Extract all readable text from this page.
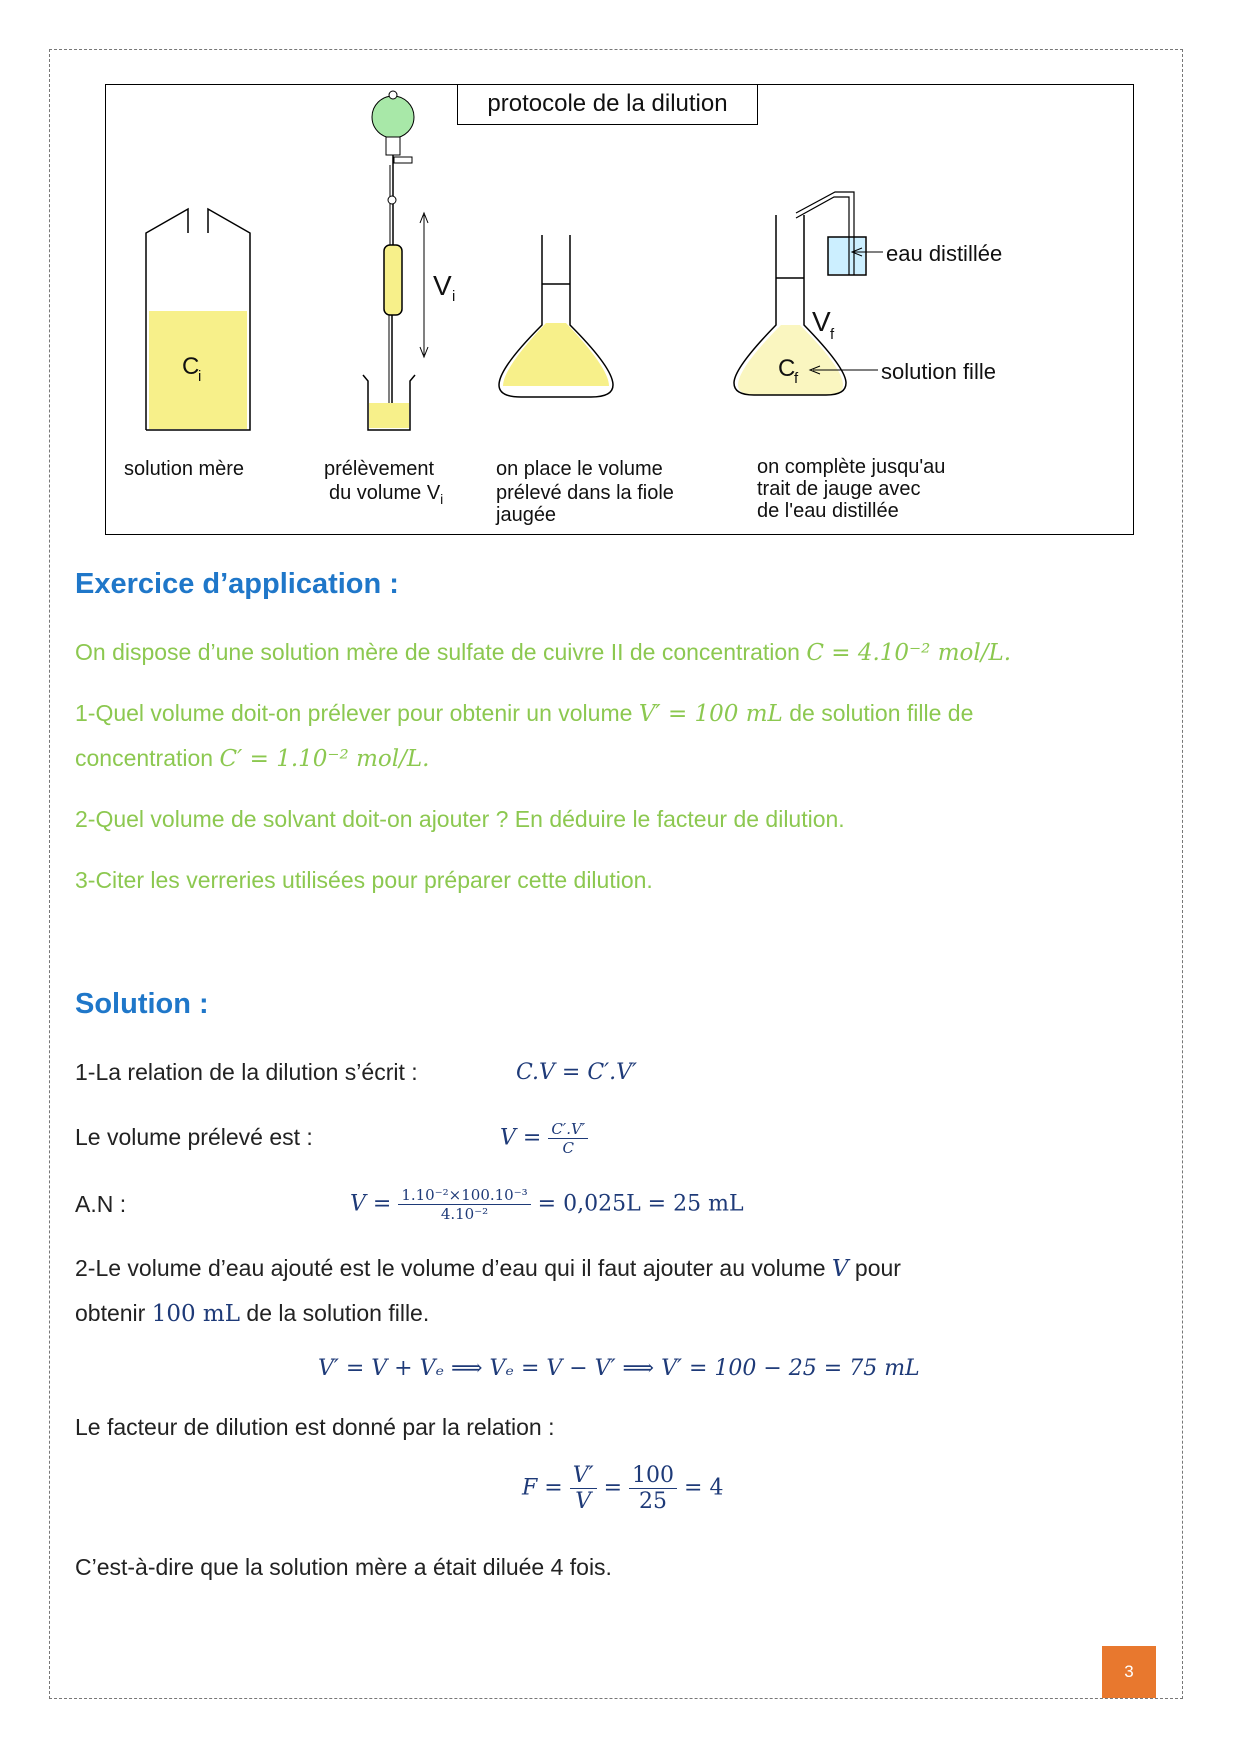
C
i
V i
V f
C
f	solution fille
eau distillée
protocole de la dilution
solution mère	prélèvement
du volume $V_i$
on place le volume
prélevé dans la fiole
jaugée
on complète jusqu'au
trait de jauge avec
de l'eau distillée
Exercice d’application :
On dispose d’une solution mère de sulfate de cuivre II de concentration C = 4.10⁻² mol/L.
1-Quel volume doit-on prélever pour obtenir un volume V′ = 100 mL de solution fille de
concentration C′ = 1.10⁻² mol/L.
2-Quel volume de solvant doit-on ajouter ? En déduire le facteur de dilution.
3-Citer les verreries utilisées pour préparer cette dilution.
Solution :
1-La relation de la dilution s’écrit :	C.V = C′.V′
Le volume prélevé est :	$V = \frac{C'.V'}{C}$
A.N :	$V = \frac{\text{1.10⁻²×100.10⁻³}}{\text{4.10⁻²}} = 0,025L = 25$ mL
2-Le volume d’eau ajouté est le volume d’eau qui il faut ajouter au volume V pour
obtenir 100 mL de la solution fille.
V′ = V + Vₑ ⟹ Vₑ = V − V′ ⟹ V′ = 100 − 25 = 75 mL
Le facteur de dilution est donné par la relation :
$F = \frac{V'}{V} = \frac{100}{25} = 4$
C’est-à-dire que la solution mère a était diluée 4 fois.
3
